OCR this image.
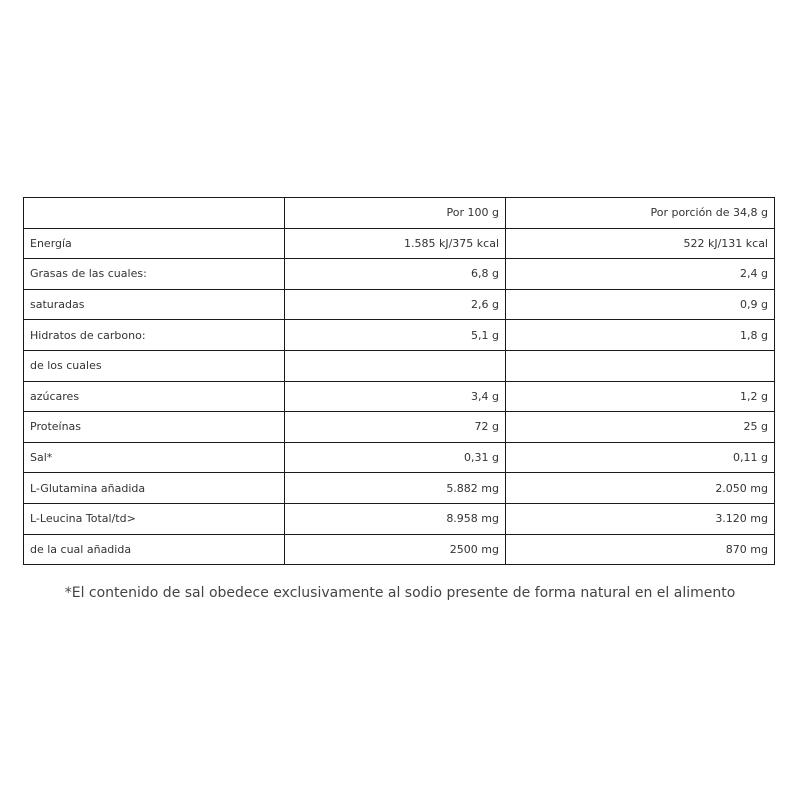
	Por 100 g	Por porción de 34,8 g
Energía	1.585 kJ/375 kcal	522 kJ/131 kcal
Grasas de las cuales:	6,8 g	2,4 g
saturadas	2,6 g	0,9 g
Hidratos de carbono:	5,1 g	1,8 g
de los cuales		
azúcares	3,4 g	1,2 g
Proteínas	72 g	25 g
Sal*	0,31 g	0,11 g
L-Glutamina añadida	5.882 mg	2.050 mg
L-Leucina Total/td>	8.958 mg	3.120 mg
de la cual añadida	2500 mg	870 mg
*El contenido de sal obedece exclusivamente al sodio presente de forma natural en el alimento
